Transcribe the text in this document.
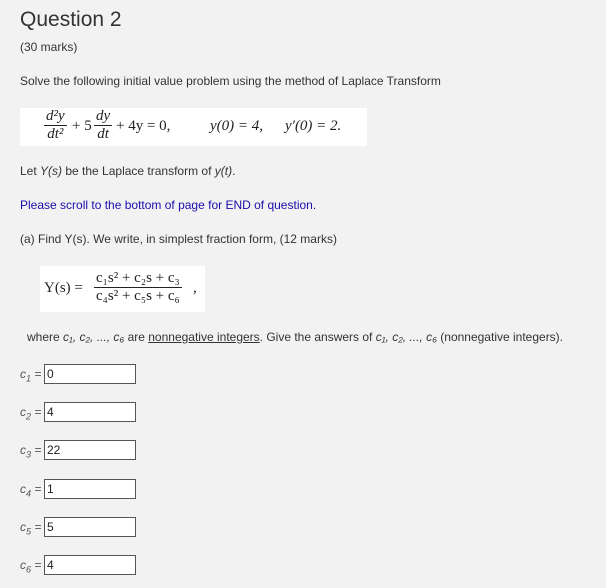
Question 2
(30 marks)
Solve the following initial value problem using the method of Laplace Transform
d²y
dt² + 5
dy
dt + 4y = 0,	y(0) = 4, y′(0) = 2.
Let Y(s) be the Laplace transform of y(t).
Please scroll to the bottom of page for END of question.
(a) Find Y(s). We write, in simplest fraction form, (12 marks)
Y(s) =
c₁s² + c₂s + c₃
c₄s² + c₅s + c₆ ,
where c₁, c₂, ..., c₆ are nonnegative integers. Give the answers of c₁, c₂, ..., c₆ (nonnegative integers).
$c_1$ =
0
$c_2$ =
4
$c_3$ =
22
$c_4$ =
1
$c_5$ =
5
$c_6$ =
4
